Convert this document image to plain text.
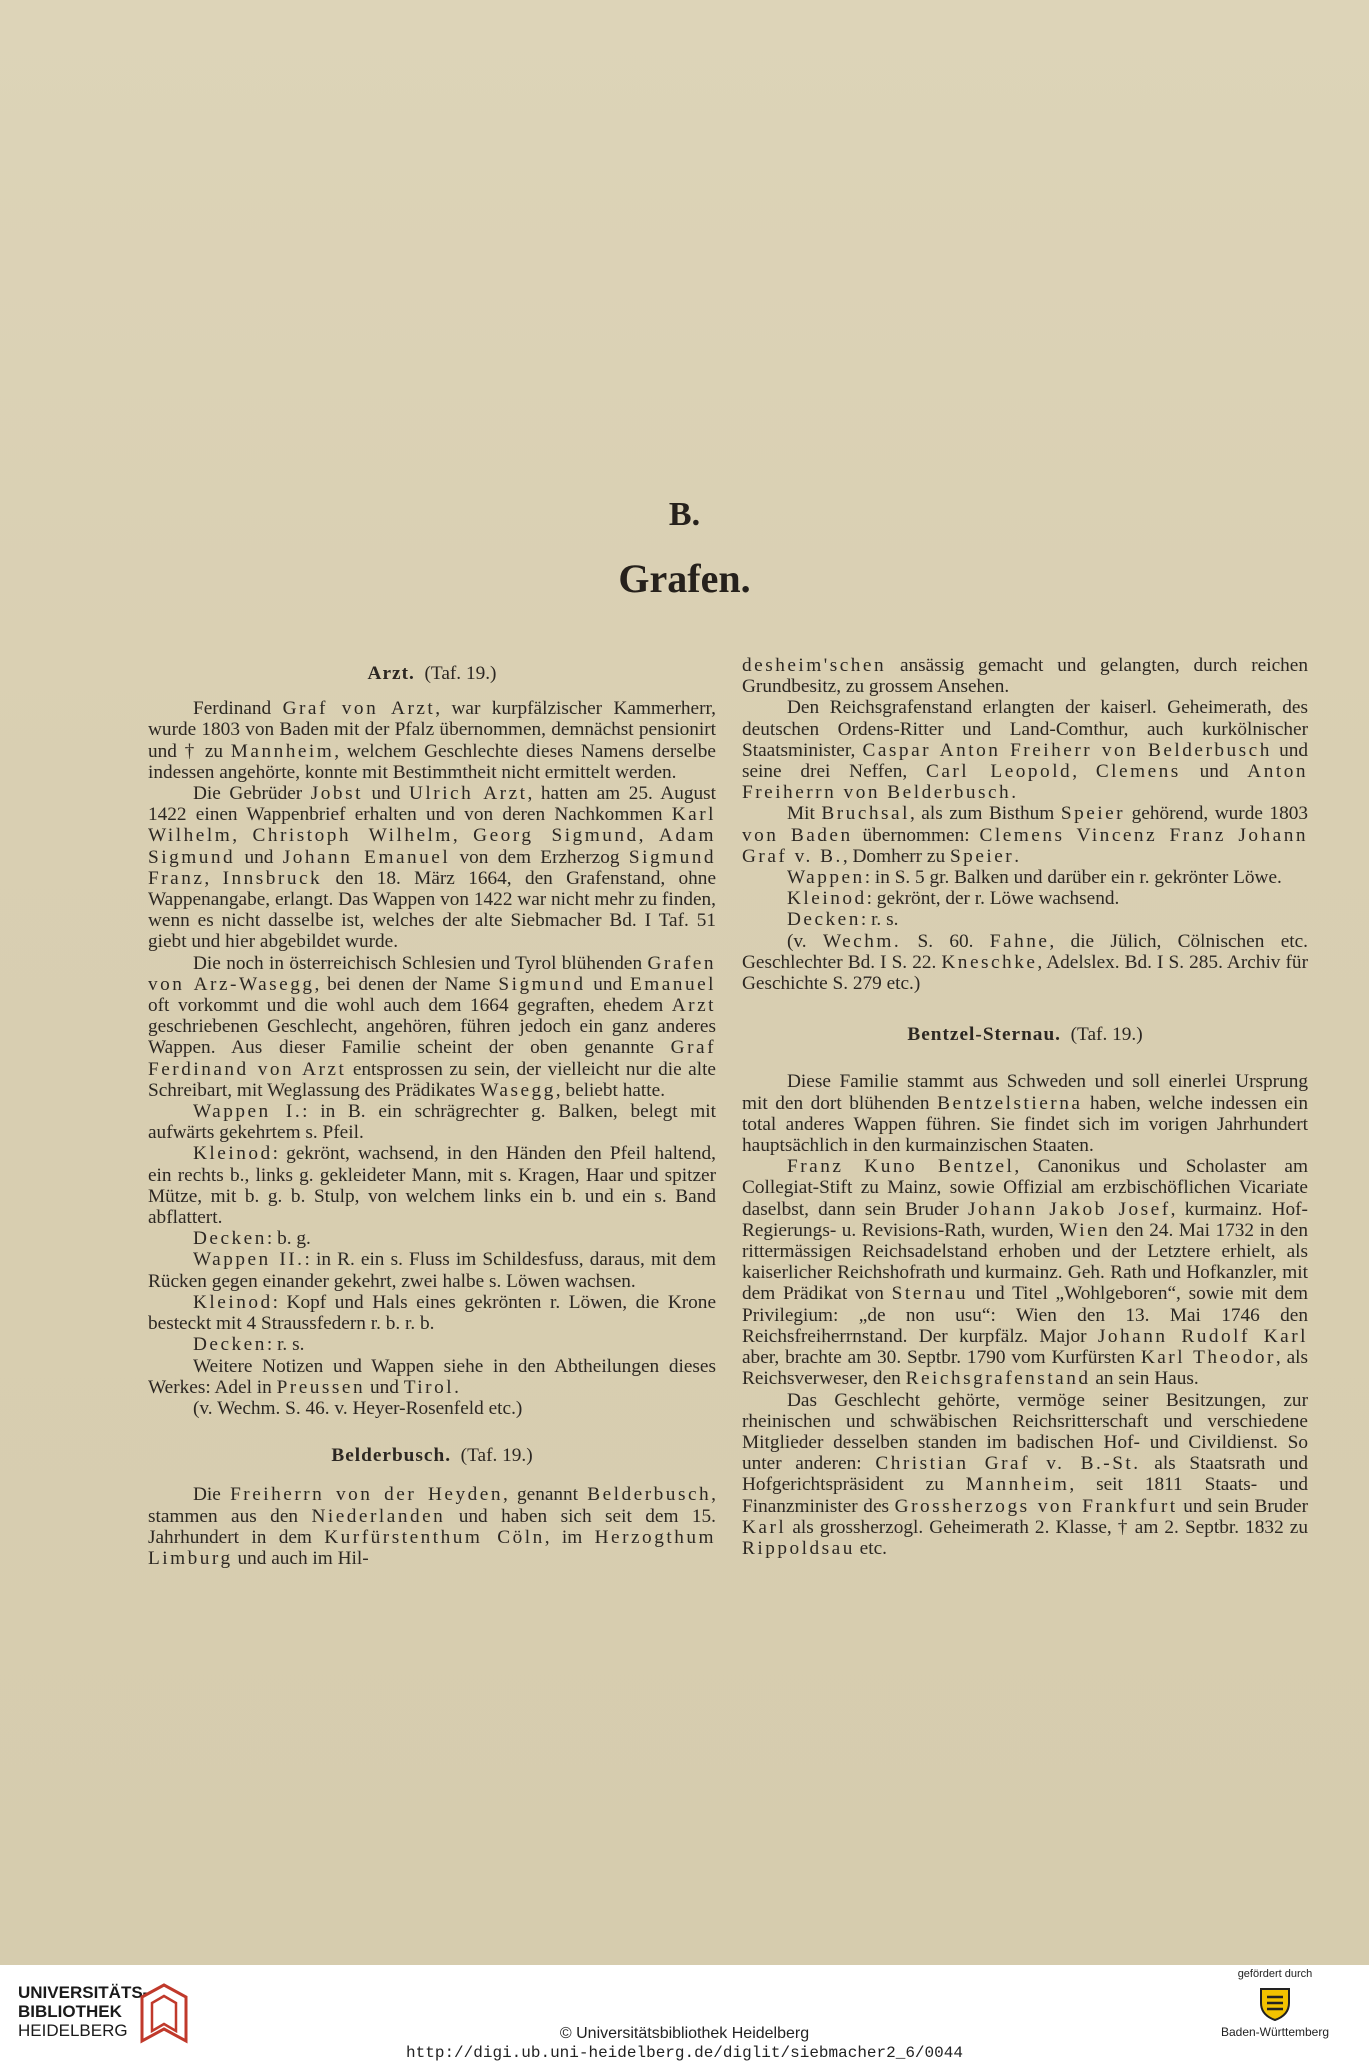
B.
Grafen.
Arzt. (Taf. 19.)

Ferdinand Graf von Arzt, war kurpfälzischer Kammerherr, wurde 1803 von Baden mit der Pfalz übernommen, demnächst pensionirt und † zu Mannheim, welchem Geschlechte dieses Namens derselbe indessen angehörte, konnte mit Bestimmtheit nicht ermittelt werden.

Die Gebrüder Jobst und Ulrich Arzt, hatten am 25. August 1422 einen Wappenbrief erhalten und von deren Nachkommen Karl Wilhelm, Christoph Wilhelm, Georg Sigmund, Adam Sigmund und Johann Emanuel von dem Erzherzog Sigmund Franz, Innsbruck den 18. März 1664, den Grafenstand, ohne Wappenangabe, erlangt. Das Wappen von 1422 war nicht mehr zu finden, wenn es nicht dasselbe ist, welches der alte Siebmacher Bd. I Taf. 51 giebt und hier abgebildet wurde.

Die noch in österreichisch Schlesien und Tyrol blühenden Grafen von Arz-Wasegg, bei denen der Name Sigmund und Emanuel oft vorkommt und die wohl auch dem 1664 gegraften, ehedem Arzt geschriebenen Geschlecht, angehören, führen jedoch ein ganz anderes Wappen. Aus dieser Familie scheint der oben genannte Graf Ferdinand von Arzt entsprossen zu sein, der vielleicht nur die alte Schreibart, mit Weglassung des Prädikates Wasegg, beliebt hatte.

Wappen I.: in B. ein schrägrechter g. Balken, belegt mit aufwärts gekehrtem s. Pfeil.

Kleinod: gekrönt, wachsend, in den Händen den Pfeil haltend, ein rechts b., links g. gekleideter Mann, mit s. Kragen, Haar und spitzer Mütze, mit b. g. b. Stulp, von welchem links ein b. und ein s. Band abflattert.

Decken: b. g.

Wappen II.: in R. ein s. Fluss im Schildesfuss, daraus, mit dem Rücken gegen einander gekehrt, zwei halbe s. Löwen wachsen.

Kleinod: Kopf und Hals eines gekrönten r. Löwen, die Krone besteckt mit 4 Straussfedern r. b. r. b.

Decken: r. s.

Weitere Notizen und Wappen siehe in den Abtheilungen dieses Werkes: Adel in Preussen und Tirol.

(v. Wechm. S. 46. v. Heyer-Rosenfeld etc.)

Belderbusch. (Taf. 19.)

Die Freiherrn von der Heyden, genannt Belderbusch, stammen aus den Niederlanden und haben sich seit dem 15. Jahrhundert in dem Kurfürstenthum Cöln, im Herzogthum Limburg und auch im Hil-

desheim'schen ansässig gemacht und gelangten, durch reichen Grundbesitz, zu grossem Ansehen.

Den Reichsgrafenstand erlangten der kaiserl. Geheimerath, des deutschen Ordens-Ritter und Land-Comthur, auch kurkölnischer Staatsminister, Caspar Anton Freiherr von Belderbusch und seine drei Neffen, Carl Leopold, Clemens und Anton Freiherrn von Belderbusch.

Mit Bruchsal, als zum Bisthum Speier gehörend, wurde 1803 von Baden übernommen: Clemens Vincenz Franz Johann Graf v. B., Domherr zu Speier.

Wappen: in S. 5 gr. Balken und darüber ein r. gekrönter Löwe.

Kleinod: gekrönt, der r. Löwe wachsend.

Decken: r. s.

(v. Wechm. S. 60. Fahne, die Jülich, Cölnischen etc. Geschlechter Bd. I S. 22. Kneschke, Adelslex. Bd. I S. 285. Archiv für Geschichte S. 279 etc.)

Bentzel-Sternau. (Taf. 19.)

Diese Familie stammt aus Schweden und soll einerlei Ursprung mit den dort blühenden Bentzelstierna haben, welche indessen ein total anderes Wappen führen. Sie findet sich im vorigen Jahrhundert hauptsächlich in den kurmainzischen Staaten.

Franz Kuno Bentzel, Canonikus und Scholaster am Collegiat-Stift zu Mainz, sowie Offizial am erzbischöflichen Vicariate daselbst, dann sein Bruder Johann Jakob Josef, kurmainz. Hof-Regierungs- u. Revisions-Rath, wurden, Wien den 24. Mai 1732 in den rittermässigen Reichsadelstand erhoben und der Letztere erhielt, als kaiserlicher Reichshofrath und kurmainz. Geh. Rath und Hofkanzler, mit dem Prädikat von Sternau und Titel „Wohlgeboren“, sowie mit dem Privilegium: „de non usu“: Wien den 13. Mai 1746 den Reichsfreiherrnstand. Der kurpfälz. Major Johann Rudolf Karl aber, brachte am 30. Septbr. 1790 vom Kurfürsten Karl Theodor, als Reichsverweser, den Reichsgrafenstand an sein Haus.

Das Geschlecht gehörte, vermöge seiner Besitzungen, zur rheinischen und schwäbischen Reichsritterschaft und verschiedene Mitglieder desselben standen im badischen Hof- und Civildienst. So unter anderen: Christian Graf v. B.-St. als Staatsrath und Hofgerichtspräsident zu Mannheim, seit 1811 Staats- und Finanzminister des Grossherzogs von Frankfurt und sein Bruder Karl als grossherzogl. Geheimerath 2. Klasse, † am 2. Septbr. 1832 zu Rippoldsau etc.

UNIVERSITÄTS-
BIBLIOTHEK
HEIDELBERG	© Universitätsbibliothek Heidelberg
http://digi.ub.uni-heidelberg.de/diglit/siebmacher2_6/0044
gefördert durch
Baden-Württemberg
